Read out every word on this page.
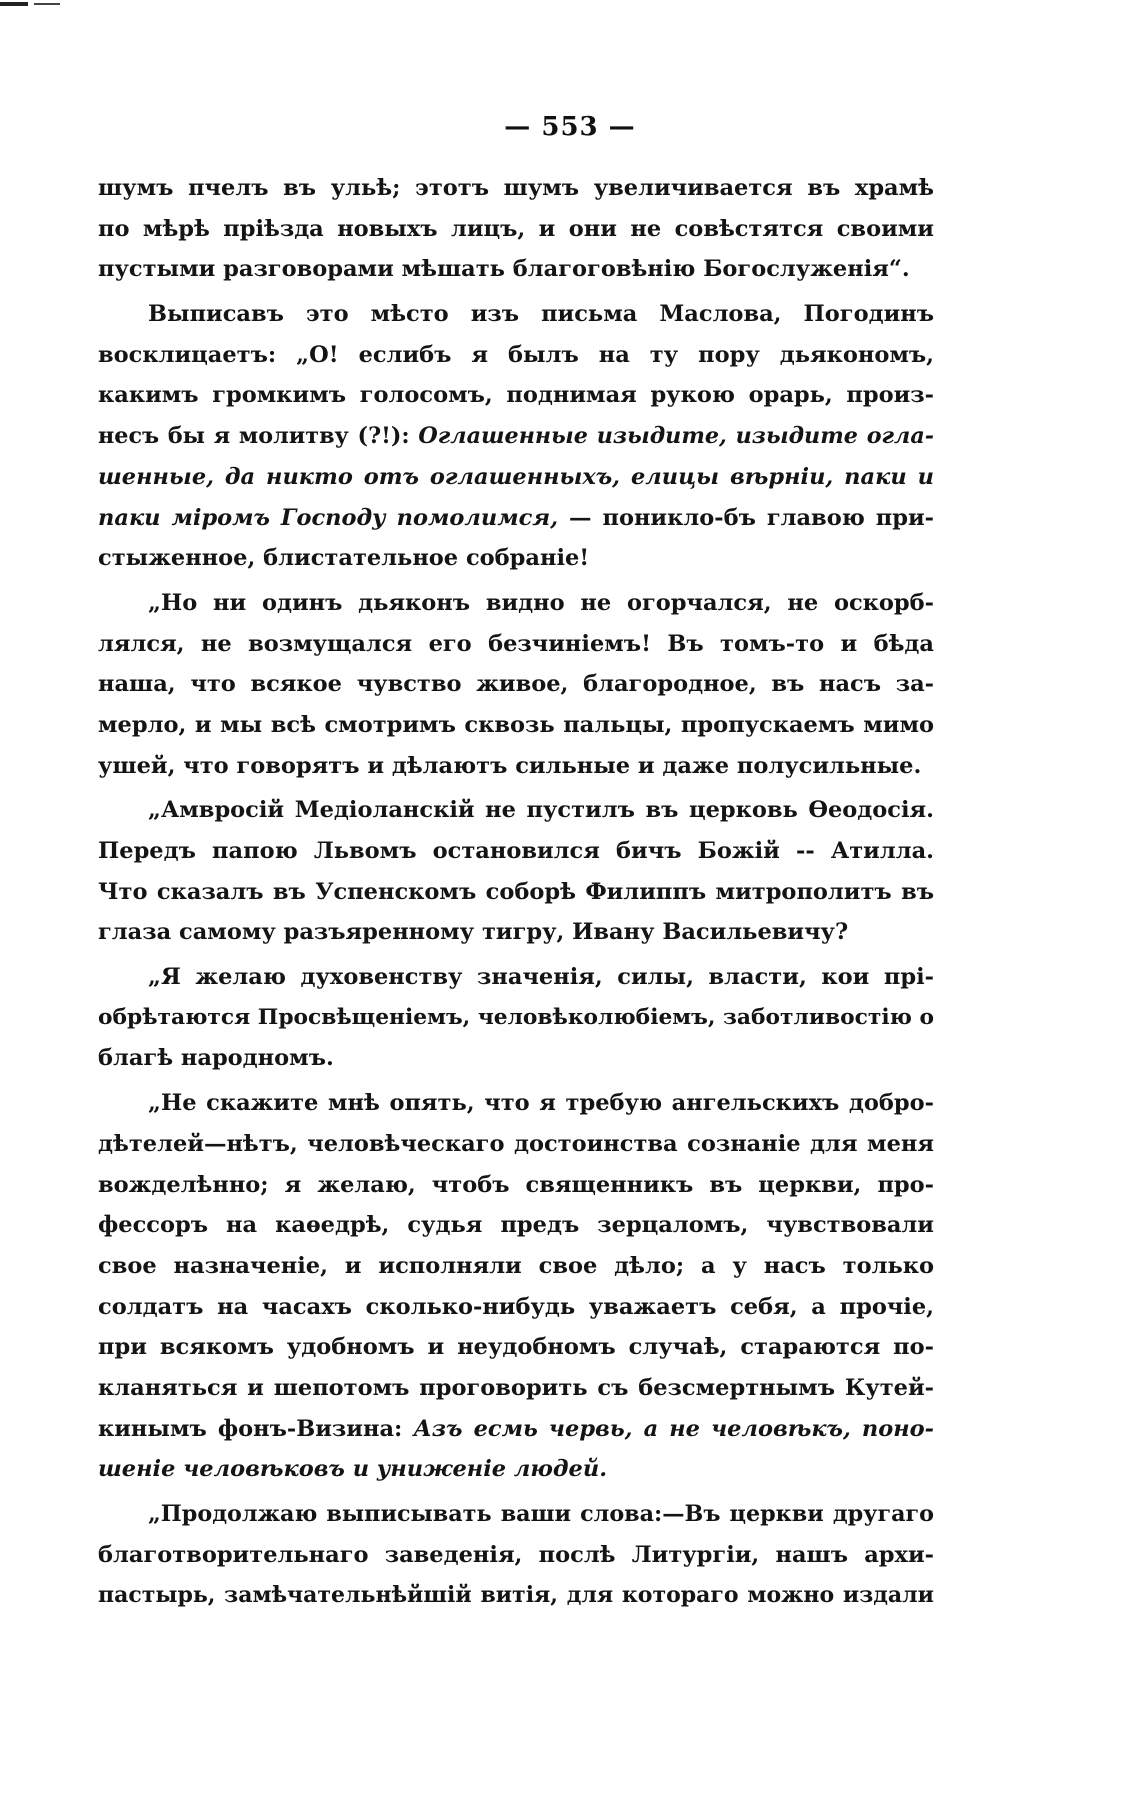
— 553 —
шумъ пчелъ въ ульѣ; этотъ шумъ увеличивается въ храмѣ
по мѣрѣ пріѣзда новыхъ лицъ, и они не совѣстятся своими
пустыми разговорами мѣшать благоговѣнію Богослуженія“.
Выписавъ это мѣсто изъ письма Маслова, Погодинъ
восклицаетъ: „О! еслибъ я былъ на ту пору дьякономъ,
какимъ громкимъ голосомъ, поднимая рукою орарь, произ-
несъ бы я молитву (?!): Оглашенные изыдите, изыдите огла-
шенные, да никто отъ оглашенныхъ, елицы вѣрніи, паки и
паки міромъ Господу помолимся, — поникло-бъ главою при-
стыженное, блистательное собраніе!
„Но ни одинъ дьяконъ видно не огорчался, не оскорб-
лялся, не возмущался его безчиніемъ! Въ томъ-то и бѣда
наша, что всякое чувство живое, благородное, въ насъ за-
мерло, и мы всѣ смотримъ сквозь пальцы, пропускаемъ мимо
ушей, что говорятъ и дѣлаютъ сильные и даже полусильные.
„Амвросій Медіоланскій не пустилъ въ церковь Ѳеодосія.
Передъ папою Львомъ остановился бичъ Божій -- Атилла.
Что сказалъ въ Успенскомъ соборѣ Филиппъ митрополитъ въ
глаза самому разъяренному тигру, Ивану Васильевичу?
„Я желаю духовенству значенія, силы, власти, кои прі-
обрѣтаются Просвѣщеніемъ, человѣколюбіемъ, заботливостію о
благѣ народномъ.
„Не скажите мнѣ опять, что я требую ангельскихъ добро-
дѣтелей—нѣтъ, человѣческаго достоинства сознаніе для меня
вожделѣнно; я желаю, чтобъ священникъ въ церкви, про-
фессоръ на каѳедрѣ, судья предъ зерцаломъ, чувствовали
свое назначеніе, и исполняли свое дѣло; а у насъ только
солдатъ на часахъ сколько-нибудь уважаетъ себя, а прочіе,
при всякомъ удобномъ и неудобномъ случаѣ, стараются по-
кланяться и шепотомъ проговорить съ безсмертнымъ Кутей-
кинымъ фонъ-Визина: Азъ есмь червь, а не человѣкъ, поно-
шеніе человѣковъ и униженіе людей.
„Продолжаю выписывать ваши слова:—Въ церкви другаго
благотворительнаго заведенія, послѣ Литургіи, нашъ архи-
пастырь, замѣчательнѣйшій витія, для котораго можно издали
